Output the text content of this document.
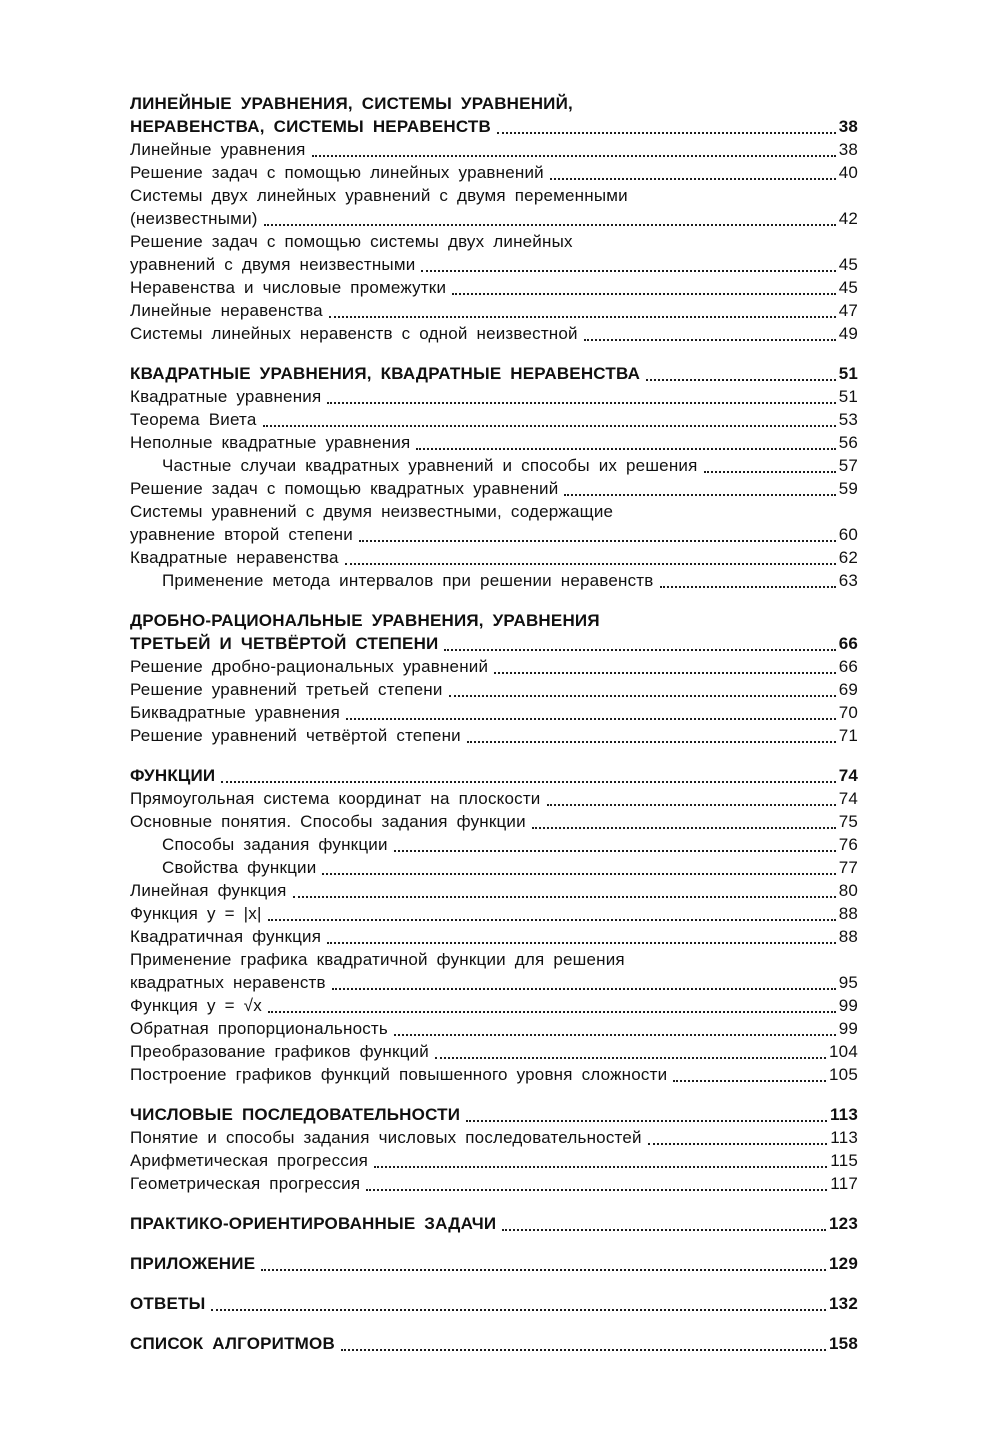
ЛИНЕЙНЫЕ УРАВНЕНИЯ, СИСТЕМЫ УРАВНЕНИЙ,
НЕРАВЕНСТВА, СИСТЕМЫ НЕРАВЕНСТВ	38
Линейные уравнения	38
Решение задач с помощью линейных уравнений	40
Системы двух линейных уравнений с двумя переменными
(неизвестными)	42
Решение задач с помощью системы двух линейных
уравнений с двумя неизвестными	45
Неравенства и числовые промежутки	45
Линейные неравенства	47
Системы линейных неравенств с одной неизвестной	49
КВАДРАТНЫЕ УРАВНЕНИЯ, КВАДРАТНЫЕ НЕРАВЕНСТВА	51
Квадратные уравнения	51
Теорема Виета	53
Неполные квадратные уравнения	56
Частные случаи квадратных уравнений и способы их решения	57
Решение задач с помощью квадратных уравнений	59
Системы уравнений с двумя неизвестными, содержащие
уравнение второй степени	60
Квадратные неравенства	62
Применение метода интервалов при решении неравенств	63
ДРОБНО-РАЦИОНАЛЬНЫЕ УРАВНЕНИЯ, УРАВНЕНИЯ
ТРЕТЬЕЙ И ЧЕТВЁРТОЙ СТЕПЕНИ	66
Решение дробно-рациональных уравнений	66
Решение уравнений третьей степени	69
Биквадратные уравнения	70
Решение уравнений четвёртой степени	71
ФУНКЦИИ	74
Прямоугольная система координат на плоскости	74
Основные понятия. Способы задания функции	75
Способы задания функции	76
Свойства функции	77
Линейная функция	80
Функция y = |x|	88
Квадратичная функция	88
Применение графика квадратичной функции для решения
квадратных неравенств	95
Функция y = √x	99
Обратная пропорциональность	99
Преобразование графиков функций	104
Построение графиков функций повышенного уровня сложности	105
ЧИСЛОВЫЕ ПОСЛЕДОВАТЕЛЬНОСТИ	113
Понятие и способы задания числовых последовательностей	113
Арифметическая прогрессия	115
Геометрическая прогрессия	117
ПРАКТИКО-ОРИЕНТИРОВАННЫЕ ЗАДАЧИ	123
ПРИЛОЖЕНИЕ	129
ОТВЕТЫ	132
СПИСОК АЛГОРИТМОВ	158
